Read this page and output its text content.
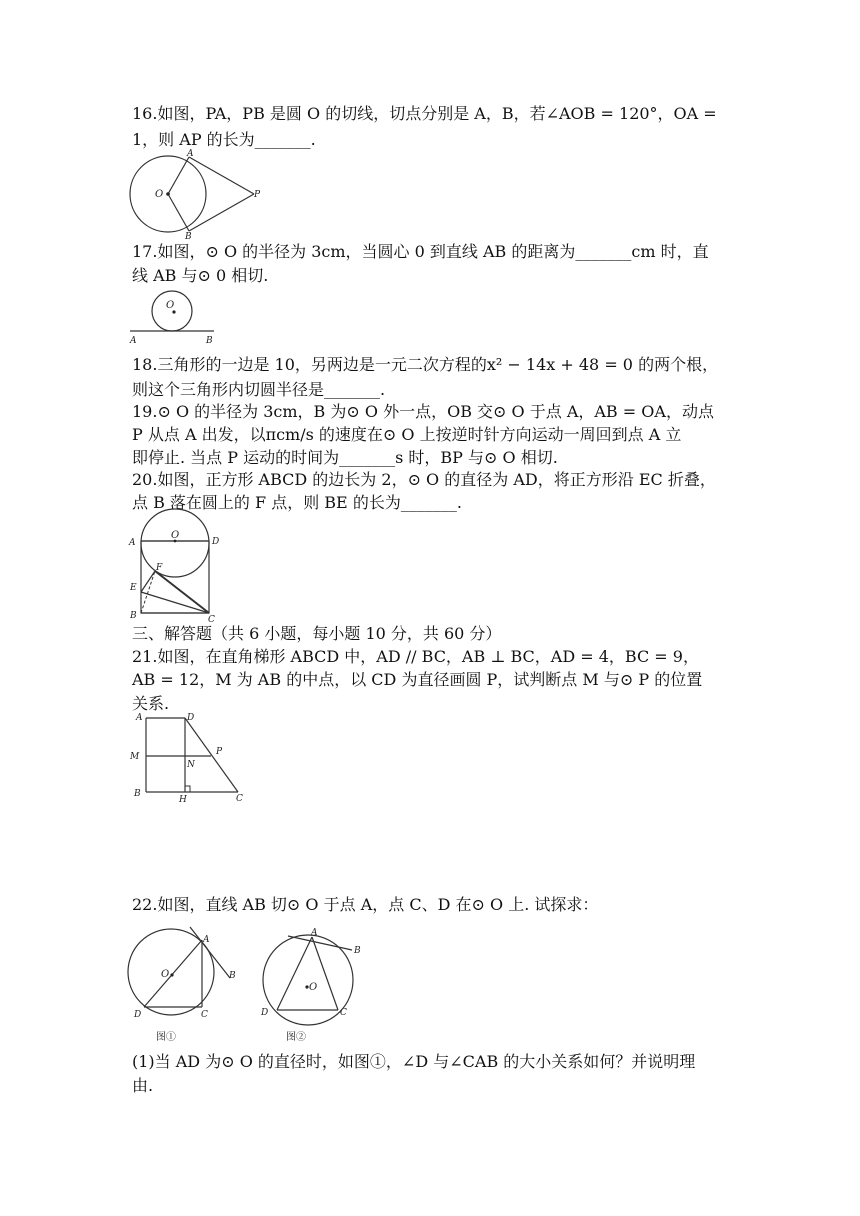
16.如图，PA，PB 是圆 O 的切线，切点分别是 A，B，若∠AOB = 120°，OA =
1，则 AP 的长为_______.
O
A
B
P
17.如图，⊙ O 的半径为 3cm，当圆心 0 到直线 AB 的距离为_______cm 时，直
线 AB 与⊙ 0 相切.
O
A	B
18.三角形的一边是 10，另两边是一元二次方程的x² − 14x + 48 = 0 的两个根，
则这个三角形内切圆半径是_______.
19.⊙ O 的半径为 3cm，B 为⊙ O 外一点，OB 交⊙ O 于点 A，AB = OA，动点
P 从点 A 出发，以πcm/s 的速度在⊙ O 上按逆时针方向运动一周回到点 A 立
即停止. 当点 P 运动的时间为_______s 时，BP 与⊙ O 相切.
20.如图，正方形 ABCD 的边长为 2，⊙ O 的直径为 AD，将正方形沿 EC 折叠，
点 B 落在圆上的 F 点，则 BE 的长为_______.
A
O
D
F
E
B	C
三、解答题（共 6 小题，每小题 10 分，共 60 分）
21.如图，在直角梯形 ABCD 中，AD // BC，AB ⊥ BC，AD = 4，BC = 9，
AB = 12，M 为 AB 的中点，以 CD 为直径画圆 P，试判断点 M 与⊙ P 的位置
关系.
A	D
P
M
N
B
H	C
22.如图，直线 AB 切⊙ O 于点 A，点 C、D 在⊙ O 上. 试探求：
A
B
O
D	C
图①
A
B
O
D	C
图②
(1)当 AD 为⊙ O 的直径时，如图①，∠D 与∠CAB 的大小关系如何？并说明理
由.
